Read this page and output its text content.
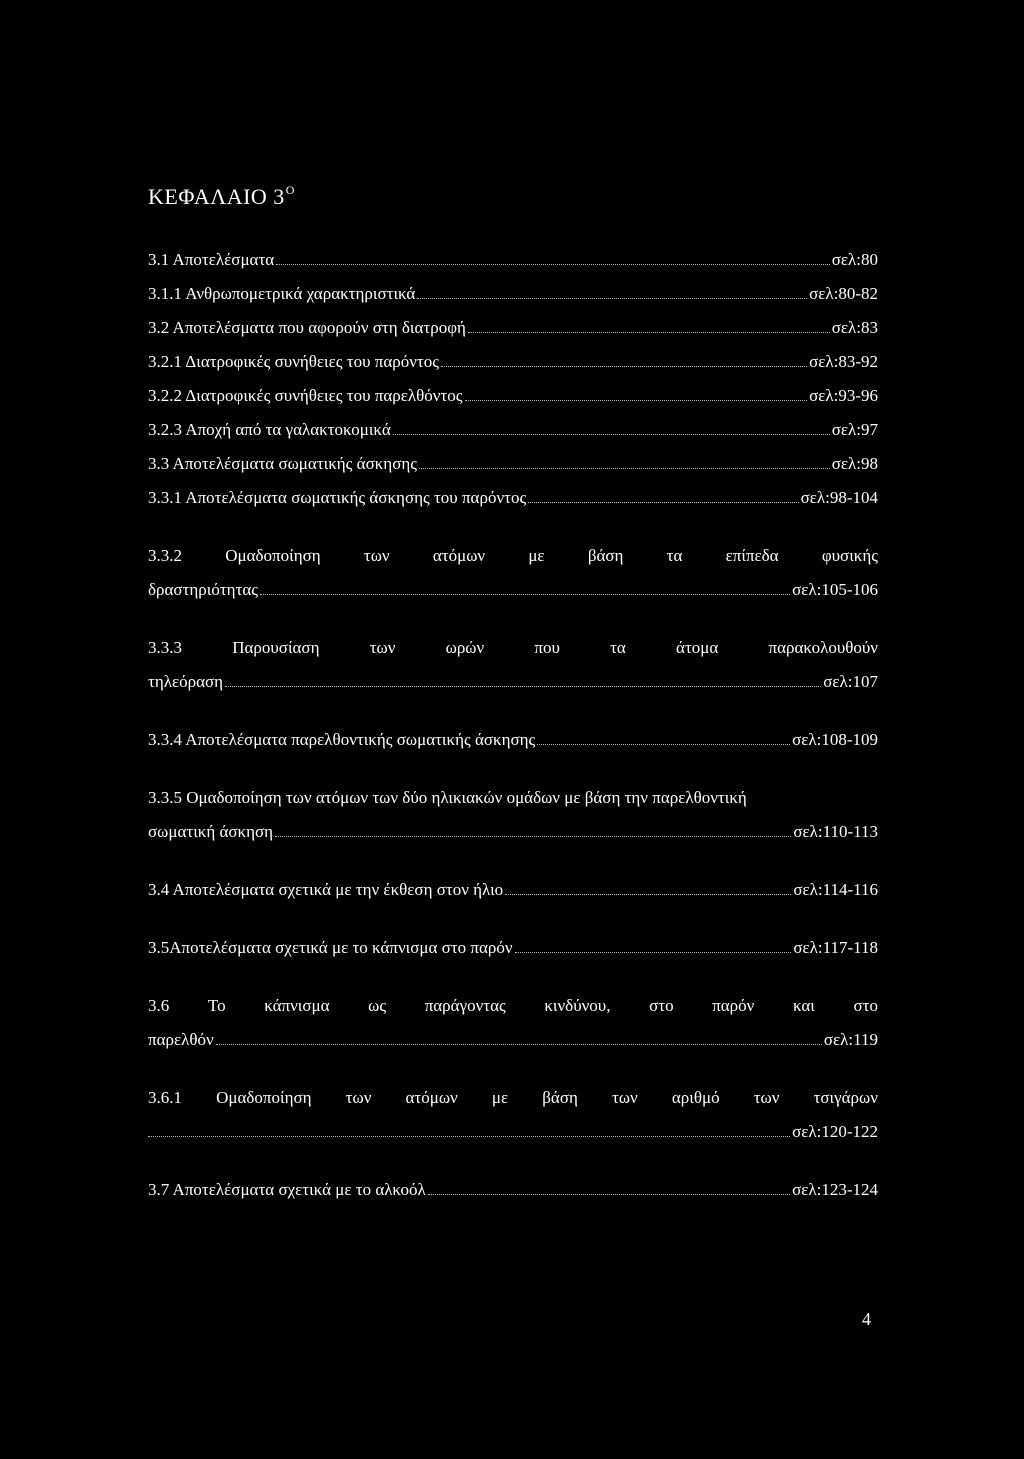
ΚΕΦΑΛΑΙΟ $3^O$
3.1 Αποτελέσματα	σελ:80
3.1.1 Ανθρωπομετρικά χαρακτηριστικά	σελ:80-82
3.2 Αποτελέσματα που αφορούν στη διατροφή	σελ:83
3.2.1 Διατροφικές συνήθειες του παρόντος	σελ:83-92
3.2.2 Διατροφικές συνήθειες του παρελθόντος	σελ:93-96
3.2.3 Αποχή από τα γαλακτοκομικά	σελ:97
3.3 Αποτελέσματα σωματικής άσκησης	σελ:98
3.3.1 Αποτελέσματα σωματικής άσκησης του παρόντος	σελ:98-104
3.3.2	Ομαδοποίηση	των	ατόμων	με	βάση	τα	επίπεδα	φυσικής
δραστηριότητας	σελ:105-106
3.3.3	Παρουσίαση	των	ωρών	που	τα	άτομα	παρακολουθούν
τηλεόραση	σελ:107
3.3.4 Αποτελέσματα παρελθοντικής σωματικής άσκησης	σελ:108-109
3.3.5 Ομαδοποίηση των ατόμων των δύο ηλικιακών ομάδων με βάση την παρελθοντική
σωματική άσκηση	σελ:110-113
3.4 Αποτελέσματα σχετικά με την έκθεση στον ήλιο	σελ:114-116
3.5Αποτελέσματα σχετικά με το κάπνισμα στο παρόν	σελ:117-118
3.6 Το κάπνισμα ως παράγοντας κινδύνου, στο παρόν και στο
παρελθόν	σελ:119
3.6.1 Ομαδοποίηση των ατόμων με βάση των αριθμό των τσιγάρων
σελ:120-122
3.7 Αποτελέσματα σχετικά με το αλκοόλ	σελ:123-124
4
